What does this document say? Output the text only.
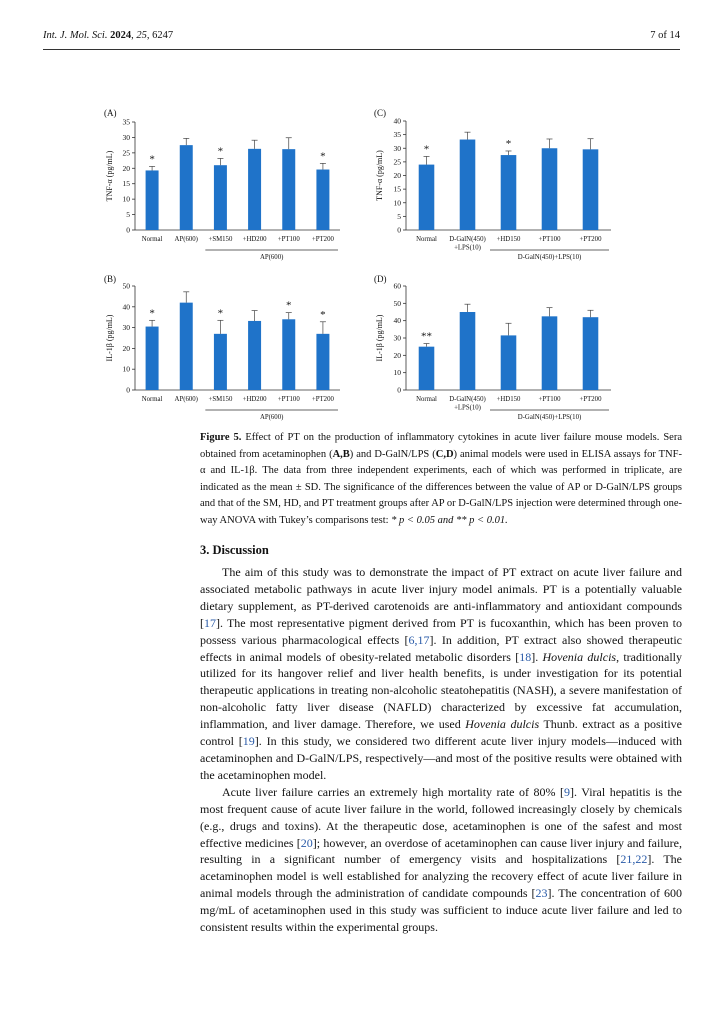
Int. J. Mol. Sci. 2024, 25, 6247	7 of 14
(A)
0
5
10
15
20
25
30
35
TNF-α (pg/mL)	*
Normal AP(600)
*
+SM150 +HD200 +PT100
*
+PT200
AP(600)
(C)
0
5
10
15
20
25
30
35
40
TNF-α (pg/mL)
*
Normal D-GalN(450)
+LPS(10)
*
+HD150	+PT100	+PT200
D-GalN(450)+LPS(10)
(B)
0
10
20
30
40
50
IL-1β (pg/mL)
*
Normal AP(600)
*
+SM150 +HD200
*
+PT100
*
+PT200
AP(600)
(D)
0
10
20
30
40
50
60
IL-1β (pg/mL)	**
Normal D-GalN(450)
+LPS(10)
+HD150	+PT100	+PT200
D-GalN(450)+LPS(10)
Figure 5. Effect of PT on the production of inflammatory cytokines in acute liver failure mouse models. Sera obtained from acetaminophen (A,B) and D-GalN/LPS (C,D) animal models were used in ELISA assays for TNF-α and IL-1β. The data from three independent experiments, each of which was performed in triplicate, are indicated as the mean ± SD. The significance of the differences between the value of AP or D-GalN/LPS groups and that of the SM, HD, and PT treatment groups after AP or D-GalN/LPS injection were determined through one-way ANOVA with Tukey’s comparisons test: * p < 0.05 and ** p < 0.01.
3. Discussion

The aim of this study was to demonstrate the impact of PT extract on acute liver failure and associated metabolic pathways in acute liver injury model animals. PT is a potentially valuable dietary supplement, as PT-derived carotenoids are anti-inflammatory and antioxidant compounds [17]. The most representative pigment derived from PT is fucoxanthin, which has been proven to possess various pharmacological effects [6,17]. In addition, PT extract also showed therapeutic effects in animal models of obesity-related metabolic disorders [18]. Hovenia dulcis, traditionally utilized for its hangover relief and liver health benefits, is under investigation for its potential therapeutic applications in treating non-alcoholic steatohepatitis (NASH), a severe manifestation of non-alcoholic fatty liver disease (NAFLD) characterized by excessive fat accumulation, inflammation, and liver damage. Therefore, we used Hovenia dulcis Thunb. extract as a positive control [19]. In this study, we considered two different acute liver injury models—induced with acetaminophen and D-GalN/LPS, respectively—and most of the positive results were obtained with the acetaminophen model.

Acute liver failure carries an extremely high mortality rate of 80% [9]. Viral hepatitis is the most frequent cause of acute liver failure in the world, followed increasingly closely by chemicals (e.g., drugs and toxins). At the therapeutic dose, acetaminophen is one of the safest and most effective medicines [20]; however, an overdose of acetaminophen can cause liver injury and failure, resulting in a significant number of emergency visits and hospitalizations [21,22]. The acetaminophen model is well established for analyzing the recovery effect of acute liver failure in animal models through the administration of candidate compounds [23]. The concentration of 600 mg/mL of acetaminophen used in this study was sufficient to induce acute liver failure and led to consistent results within the experimental groups.
